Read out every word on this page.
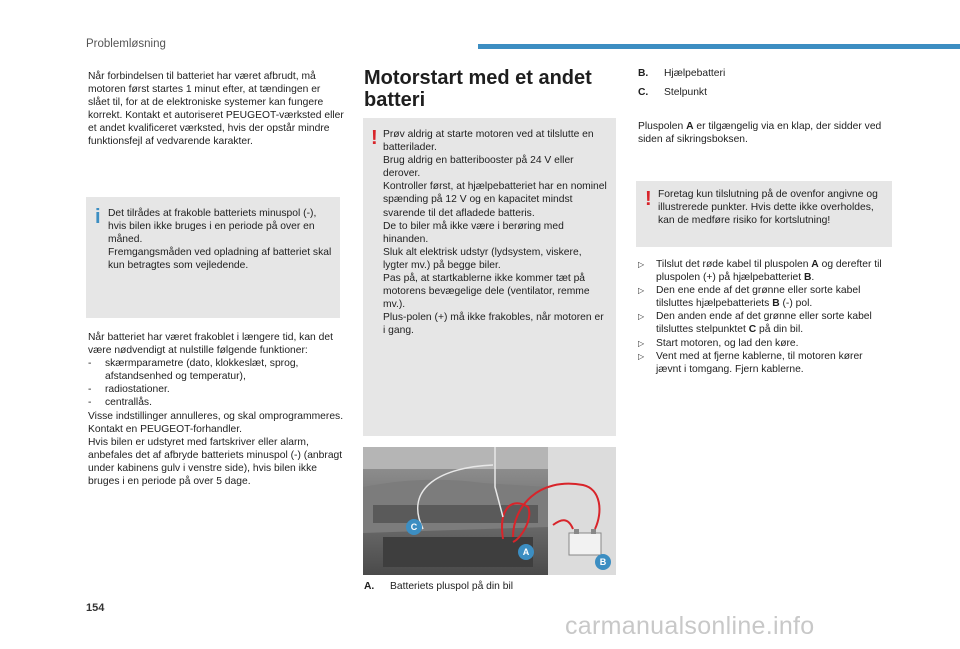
Problemløsning
Når forbindelsen til batteriet har været afbrudt, må motoren først startes 1 minut efter, at tændingen er slået til, for at de elektroniske systemer kan fungere korrekt. Kontakt et autoriseret PEUGEOT-værksted eller et andet kvalificeret værksted, hvis der opstår mindre funktionsfejl af vedvarende karakter.
i Det tilrådes at frakoble batteriets minuspol (-), hvis bilen ikke bruges i en periode på over en måned.
Fremgangsmåden ved opladning af batteriet skal kun betragtes som vejledende.
Når batteriet har været frakoblet i længere tid, kan det være nødvendigt at nulstille følgende funktioner:
- skærmparametre (dato, klokkeslæt, sprog, afstandsenhed og temperatur),
- radiostationer.
- centrallås.
Visse indstillinger annulleres, og skal omprogrammeres. Kontakt en PEUGEOT-forhandler.
Hvis bilen er udstyret med fartskriver eller alarm, anbefales det af afbryde batteriets minuspol (-) (anbragt under kabinens gulv i venstre side), hvis bilen ikke bruges i en periode på over 5 dage.
Motorstart med et andet batteri
! Prøv aldrig at starte motoren ved at tilslutte en batterilader.
Brug aldrig en batteribooster på 24 V eller derover.
Kontroller først, at hjælpebatteriet har en nominel spænding på 12 V og en kapacitet mindst svarende til det afladede batteris.
De to biler må ikke være i berøring med hinanden.
Sluk alt elektrisk udstyr (lydsystem, viskere, lygter mv.) på begge biler.
Pas på, at startkablerne ikke kommer tæt på motorens bevægelige dele (ventilator, remme mv.).
Plus-polen (+) må ikke frakobles, når motoren er i gang.
C
A
B
A. Batteriets pluspol på din bil
B. Hjælpebatteri
C. Stelpunkt
Pluspolen A er tilgængelig via en klap, der sidder ved siden af sikringsboksen.
! Foretag kun tilslutning på de ovenfor angivne og illustrerede punkter. Hvis dette ikke overholdes, kan de medføre risiko for kortslutning!
▷ Tilslut det røde kabel til pluspolen A og derefter til pluspolen (+) på hjælpebatteriet B.
▷ Den ene ende af det grønne eller sorte kabel tilsluttes hjælpebatteriets B (-) pol.
▷ Den anden ende af det grønne eller sorte kabel tilsluttes stelpunktet C på din bil.
▷ Start motoren, og lad den køre.
▷ Vent med at fjerne kablerne, til motoren kører jævnt i tomgang. Fjern kablerne.
154
carmanualsonline.info
